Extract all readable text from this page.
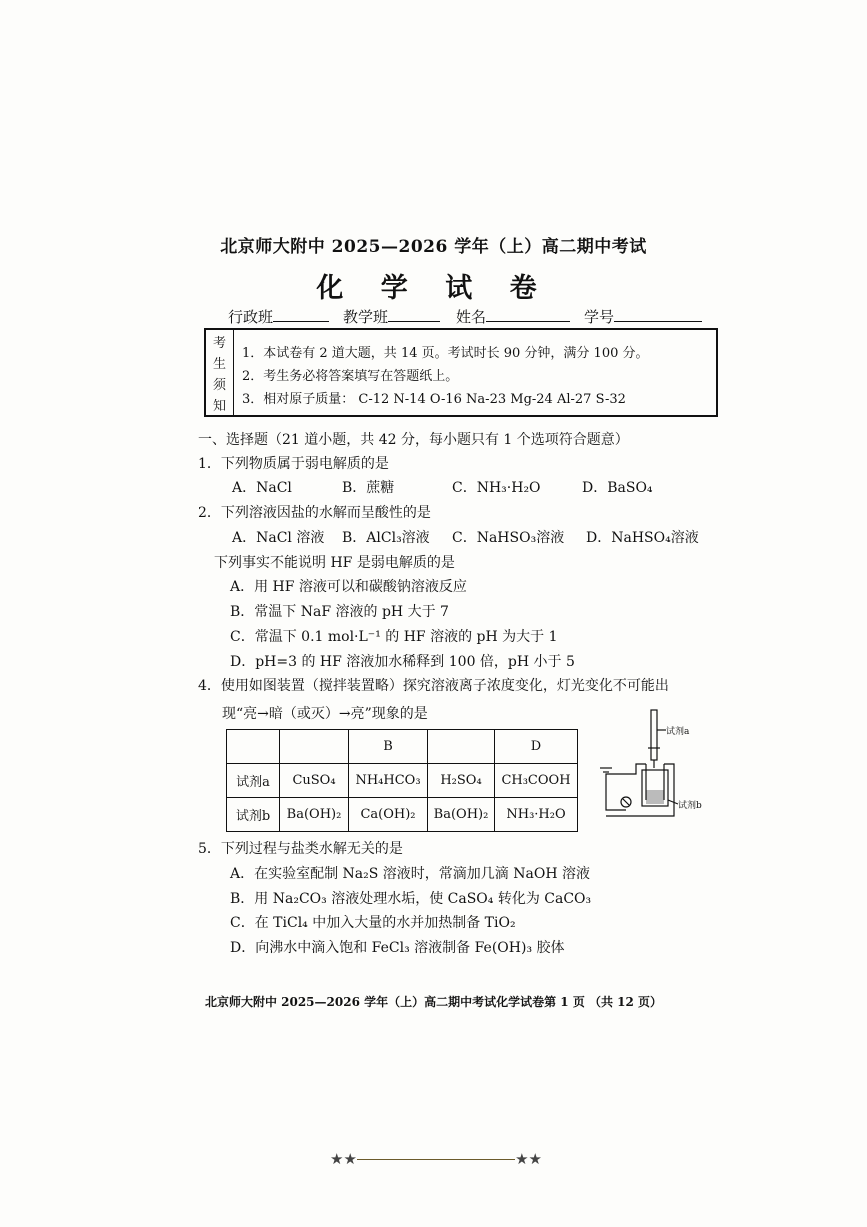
北京师大附中 2025—2026 学年（上）高二期中考试
化 学 试 卷
行政班	教学班	姓名	学号
考
生
须
知
1．本试卷有 2 道大题，共 14 页。考试时长 90 分钟，满分 100 分。
2．考生务必将答案填写在答题纸上。
3．相对原子质量： C-12 N-14 O-16 Na-23 Mg-24 Al-27 S-32
一、选择题（21 道小题，共 42 分，每小题只有 1 个选项符合题意）
1．下列物质属于弱电解质的是
A．NaCl	B．蔗糖	C．NH₃·H₂O	D．BaSO₄
2．下列溶液因盐的水解而呈酸性的是
A．NaCl 溶液 B．AlCl₃溶液 C．NaHSO₃溶液 D．NaHSO₄溶液
下列事实不能说明 HF 是弱电解质的是
A．用 HF 溶液可以和碳酸钠溶液反应
B．常温下 NaF 溶液的 pH 大于 7
C．常温下 0.1 mol·L⁻¹ 的 HF 溶液的 pH 为大于 1
D．pH=3 的 HF 溶液加水稀释到 100 倍，pH 小于 5
4．使用如图装置（搅拌装置略）探究溶液离子浓度变化，灯光变化不可能出
现“亮→暗（或灭）→亮”现象的是
		B		D
试剂a	CuSO₄	NH₄HCO₃	H₂SO₄	CH₃COOH
试剂b	Ba(OH)₂	Ca(OH)₂	Ba(OH)₂	NH₃·H₂O
试剂a
试剂b
5．下列过程与盐类水解无关的是
A．在实验室配制 Na₂S 溶液时，常滴加几滴 NaOH 溶液
B．用 Na₂CO₃ 溶液处理水垢，使 CaSO₄ 转化为 CaCO₃
C．在 TiCl₄ 中加入大量的水并加热制备 TiO₂
D．向沸水中滴入饱和 FeCl₃ 溶液制备 Fe(OH)₃ 胶体
北京师大附中 2025—2026 学年（上）高二期中考试化学试卷第 1 页 （共 12 页）
★★	★★
